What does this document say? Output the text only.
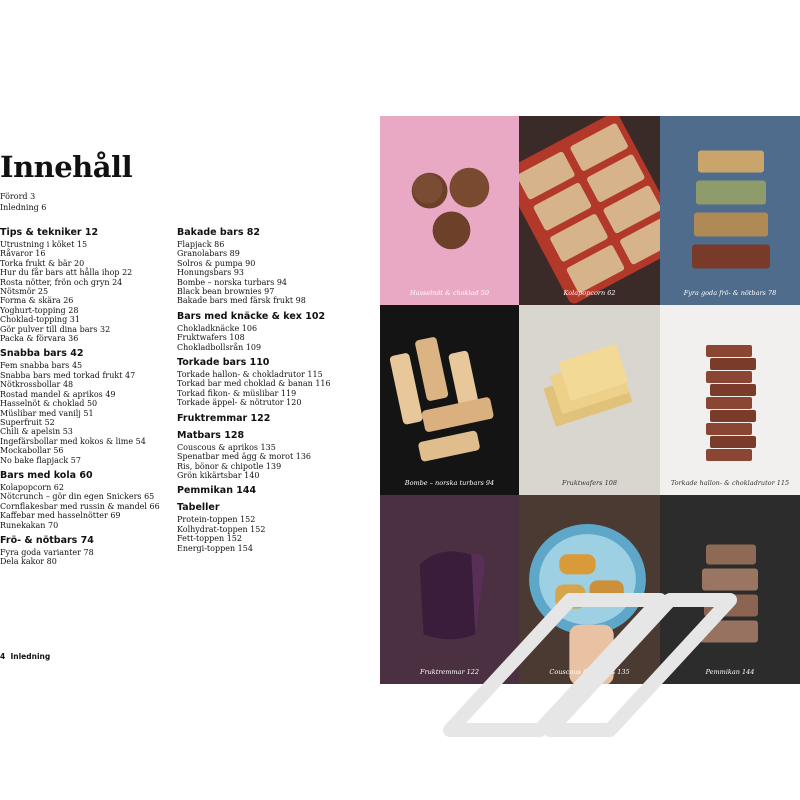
Innehåll
Förord 3
Inledning 6
Tips & tekniker 12
Utrustning i köket 15
Råvaror 16
Torka frukt & bär 20
Hur du får bars att hålla ihop 22
Rosta nötter, frön och gryn 24
Nötsmör 25
Forma & skära 26
Yoghurt-topping 28
Choklad-topping 31
Gör pulver till dina bars 32
Packa & förvara 36
Snabba bars 42
Fem snabba bars 45
Snabba bars med torkad frukt 47
Nötkrossbollar 48
Rostad mandel & aprikos 49
Hasselnöt & choklad 50
Müslibar med vanilj 51
Superfruit 52
Chili & apelsin 53
Ingefärsbollar med kokos & lime 54
Mockabollar 56
No bake flapjack 57
Bars med kola 60
Kolapopcorn 62
Nötcrunch – gör din egen Snickers 65
Cornflakesbar med russin & mandel 66
Kaffebar med hasselnötter 69
Runekakan 70
Frö- & nötbars 74
Fyra goda varianter 78
Dela kakor 80
Bakade bars 82
Flapjack 86
Granolabars 89
Solros & pumpa 90
Honungsbars 93
Bombe – norska turbars 94
Black bean brownies 97
Bakade bars med färsk frukt 98
Bars med knäcke & kex 102
Chokladknäcke 106
Fruktwafers 108
Chokladbollsrån 109
Torkade bars 110
Torkade hallon- & chokladrutor 115
Torkad bar med choklad & banan 116
Torkad fikon- & müslibar 119
Torkade äppel- & nötrutor 120
Fruktremmar 122
Matbars 128
Couscous & aprikos 135
Spenatbar med ägg & morot 136
Ris, bönor & chipotle 139
Grön kikärtsbar 140
Pemmikan 144
Tabeller
Protein-toppen 152
Kolhydrat-toppen 152
Fett-toppen 152
Energi-toppen 154
4 Inledning
Hasselnöt & choklad 50	Kolapopcorn 62	Fyra goda frö- & nötbars 78
Bombe – norska turbars 94	Fruktwafers 108	Torkade hallon- & chokladrutor 115
Fruktremmar 122	Couscous & aprikos 135	Pemmikan 144
